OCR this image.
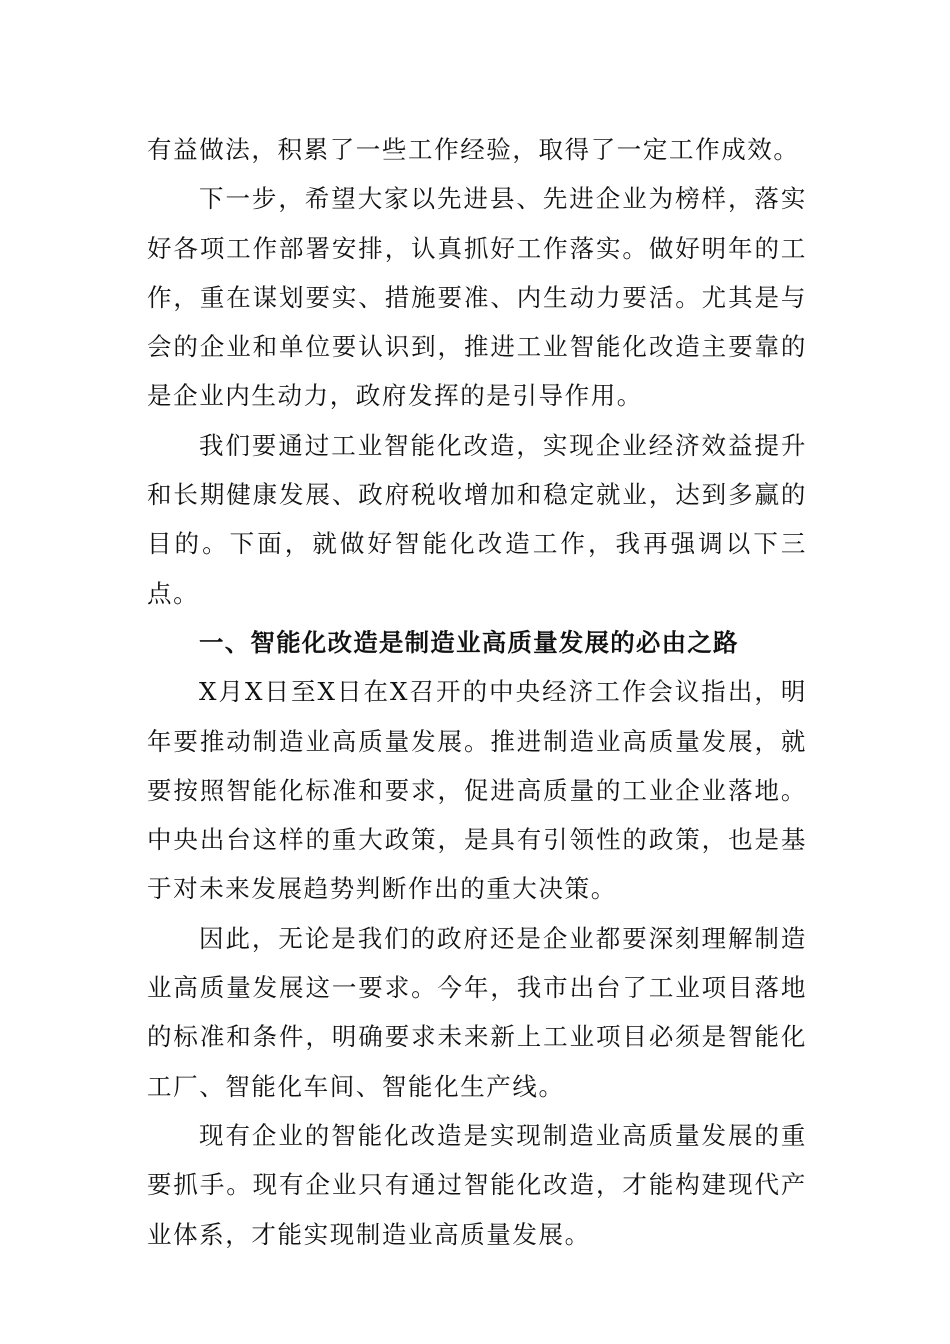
有益做法，积累了一些工作经验，取得了一定工作成效。

下一步，希望大家以先进县、先进企业为榜样，落实好各项工作部署安排，认真抓好工作落实。做好明年的工作，重在谋划要实、措施要准、内生动力要活。尤其是与会的企业和单位要认识到，推进工业智能化改造主要靠的是企业内生动力，政府发挥的是引导作用。

我们要通过工业智能化改造，实现企业经济效益提升和长期健康发展、政府税收增加和稳定就业，达到多赢的目的。下面，就做好智能化改造工作，我再强调以下三点。

一、智能化改造是制造业高质量发展的必由之路

X月X日至X日在X召开的中央经济工作会议指出，明年要推动制造业高质量发展。推进制造业高质量发展，就要按照智能化标准和要求，促进高质量的工业企业落地。中央出台这样的重大政策，是具有引领性的政策，也是基于对未来发展趋势判断作出的重大决策。

因此，无论是我们的政府还是企业都要深刻理解制造业高质量发展这一要求。今年，我市出台了工业项目落地的标准和条件，明确要求未来新上工业项目必须是智能化工厂、智能化车间、智能化生产线。

现有企业的智能化改造是实现制造业高质量发展的重要抓手。现有企业只有通过智能化改造，才能构建现代产业体系，才能实现制造业高质量发展。
